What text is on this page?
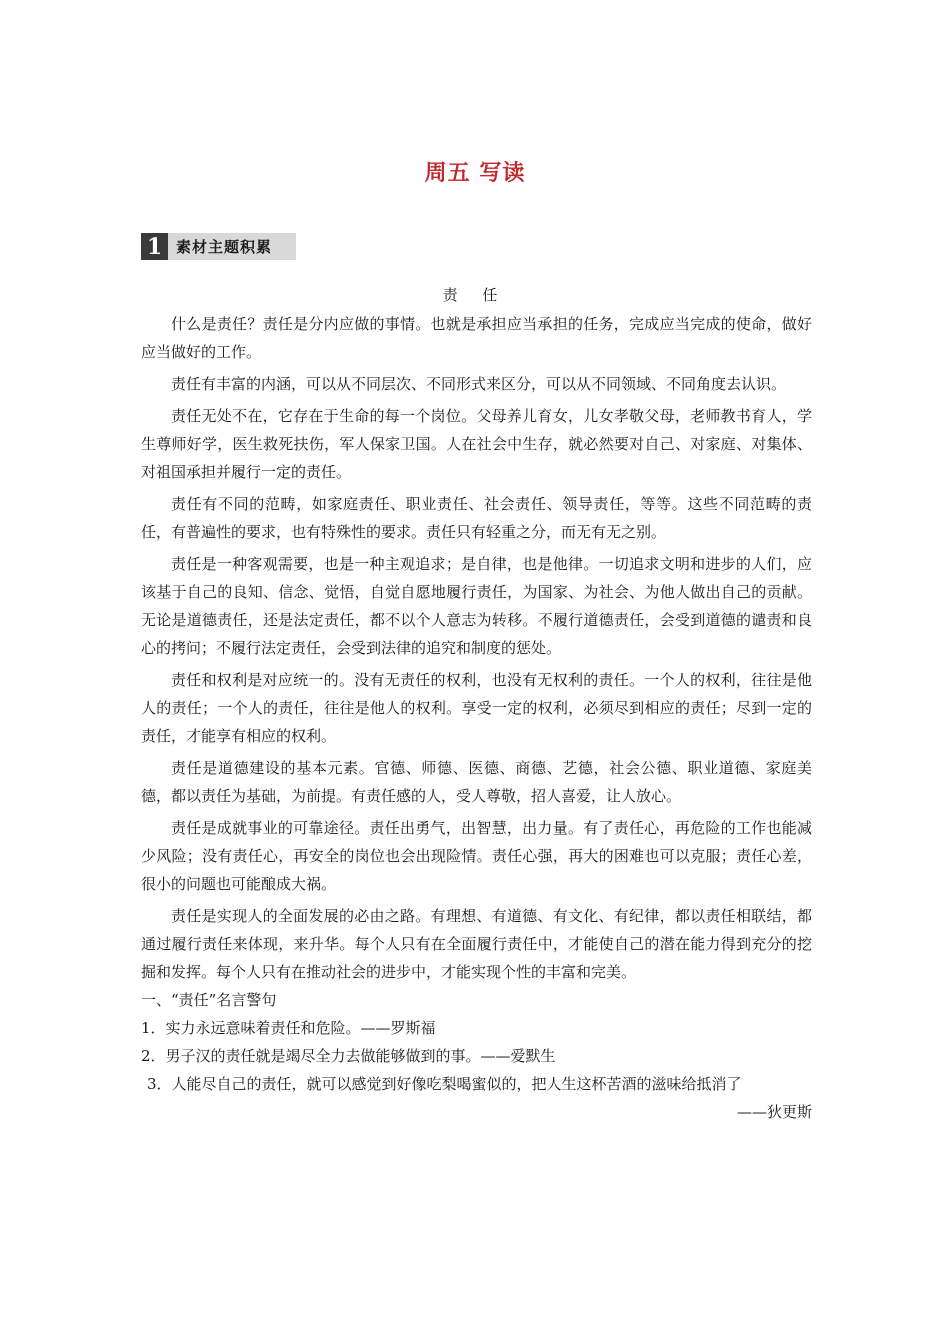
周五 写读
1 素材主题积累
责 任

什么是责任？责任是分内应做的事情。也就是承担应当承担的任务，完成应当完成的使命，做好应当做好的工作。

责任有丰富的内涵，可以从不同层次、不同形式来区分，可以从不同领域、不同角度去认识。

责任无处不在，它存在于生命的每一个岗位。父母养儿育女，儿女孝敬父母，老师教书育人，学生尊师好学，医生救死扶伤，军人保家卫国。人在社会中生存，就必然要对自己、对家庭、对集体、对祖国承担并履行一定的责任。

责任有不同的范畴，如家庭责任、职业责任、社会责任、领导责任，等等。这些不同范畴的责任，有普遍性的要求，也有特殊性的要求。责任只有轻重之分，而无有无之别。

责任是一种客观需要，也是一种主观追求；是自律，也是他律。一切追求文明和进步的人们，应该基于自己的良知、信念、觉悟，自觉自愿地履行责任，为国家、为社会、为他人做出自己的贡献。无论是道德责任，还是法定责任，都不以个人意志为转移。不履行道德责任，会受到道德的谴责和良心的拷问；不履行法定责任，会受到法律的追究和制度的惩处。

责任和权利是对应统一的。没有无责任的权利，也没有无权利的责任。一个人的权利，往往是他人的责任；一个人的责任，往往是他人的权利。享受一定的权利，必须尽到相应的责任；尽到一定的责任，才能享有相应的权利。

责任是道德建设的基本元素。官德、师德、医德、商德、艺德，社会公德、职业道德、家庭美德，都以责任为基础，为前提。有责任感的人，受人尊敬，招人喜爱，让人放心。

责任是成就事业的可靠途径。责任出勇气，出智慧，出力量。有了责任心，再危险的工作也能减少风险；没有责任心，再安全的岗位也会出现险情。责任心强，再大的困难也可以克服；责任心差，很小的问题也可能酿成大祸。

责任是实现人的全面发展的必由之路。有理想、有道德、有文化、有纪律，都以责任相联结，都通过履行责任来体现，来升华。每个人只有在全面履行责任中，才能使自己的潜在能力得到充分的挖掘和发挥。每个人只有在推动社会的进步中，才能实现个性的丰富和完美。

一、“责任”名言警句
1．实力永远意味着责任和危险。——罗斯福
2．男子汉的责任就是竭尽全力去做能够做到的事。——爱默生
3．人能尽自己的责任，就可以感觉到好像吃梨喝蜜似的，把人生这杯苦酒的滋味给抵消了
——狄更斯
